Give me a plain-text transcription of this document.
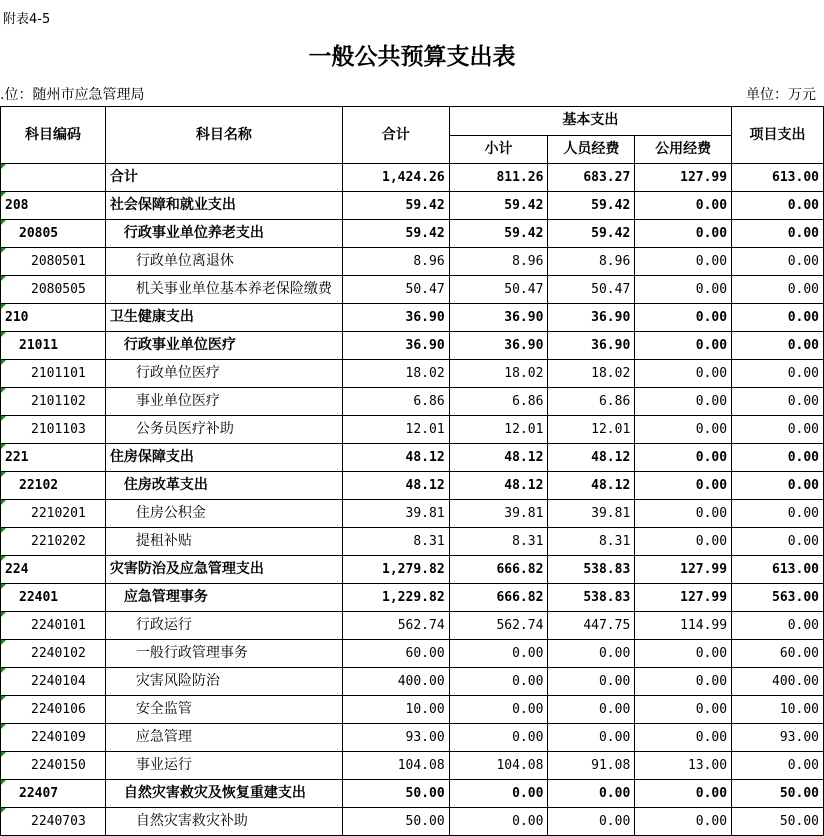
附表4-5
一般公共预算支出表
.位：随州市应急管理局	单位：万元
科目编码	科目名称	合计	基本支出			项目支出
			小计	人员经费	公用经费	
	合计	1,424.26	811.26	683.27	127.99	613.00
208	社会保障和就业支出	59.42	59.42	59.42	0.00	0.00
20805	行政事业单位养老支出	59.42	59.42	59.42	0.00	0.00
2080501	行政单位离退休	8.96	8.96	8.96	0.00	0.00
2080505	机关事业单位基本养老保险缴费	50.47	50.47	50.47	0.00	0.00
210	卫生健康支出	36.90	36.90	36.90	0.00	0.00
21011	行政事业单位医疗	36.90	36.90	36.90	0.00	0.00
2101101	行政单位医疗	18.02	18.02	18.02	0.00	0.00
2101102	事业单位医疗	6.86	6.86	6.86	0.00	0.00
2101103	公务员医疗补助	12.01	12.01	12.01	0.00	0.00
221	住房保障支出	48.12	48.12	48.12	0.00	0.00
22102	住房改革支出	48.12	48.12	48.12	0.00	0.00
2210201	住房公积金	39.81	39.81	39.81	0.00	0.00
2210202	提租补贴	8.31	8.31	8.31	0.00	0.00
224	灾害防治及应急管理支出	1,279.82	666.82	538.83	127.99	613.00
22401	应急管理事务	1,229.82	666.82	538.83	127.99	563.00
2240101	行政运行	562.74	562.74	447.75	114.99	0.00
2240102	一般行政管理事务	60.00	0.00	0.00	0.00	60.00
2240104	灾害风险防治	400.00	0.00	0.00	0.00	400.00
2240106	安全监管	10.00	0.00	0.00	0.00	10.00
2240109	应急管理	93.00	0.00	0.00	0.00	93.00
2240150	事业运行	104.08	104.08	91.08	13.00	0.00
22407	自然灾害救灾及恢复重建支出	50.00	0.00	0.00	0.00	50.00
2240703	自然灾害救灾补助	50.00	0.00	0.00	0.00	50.00
